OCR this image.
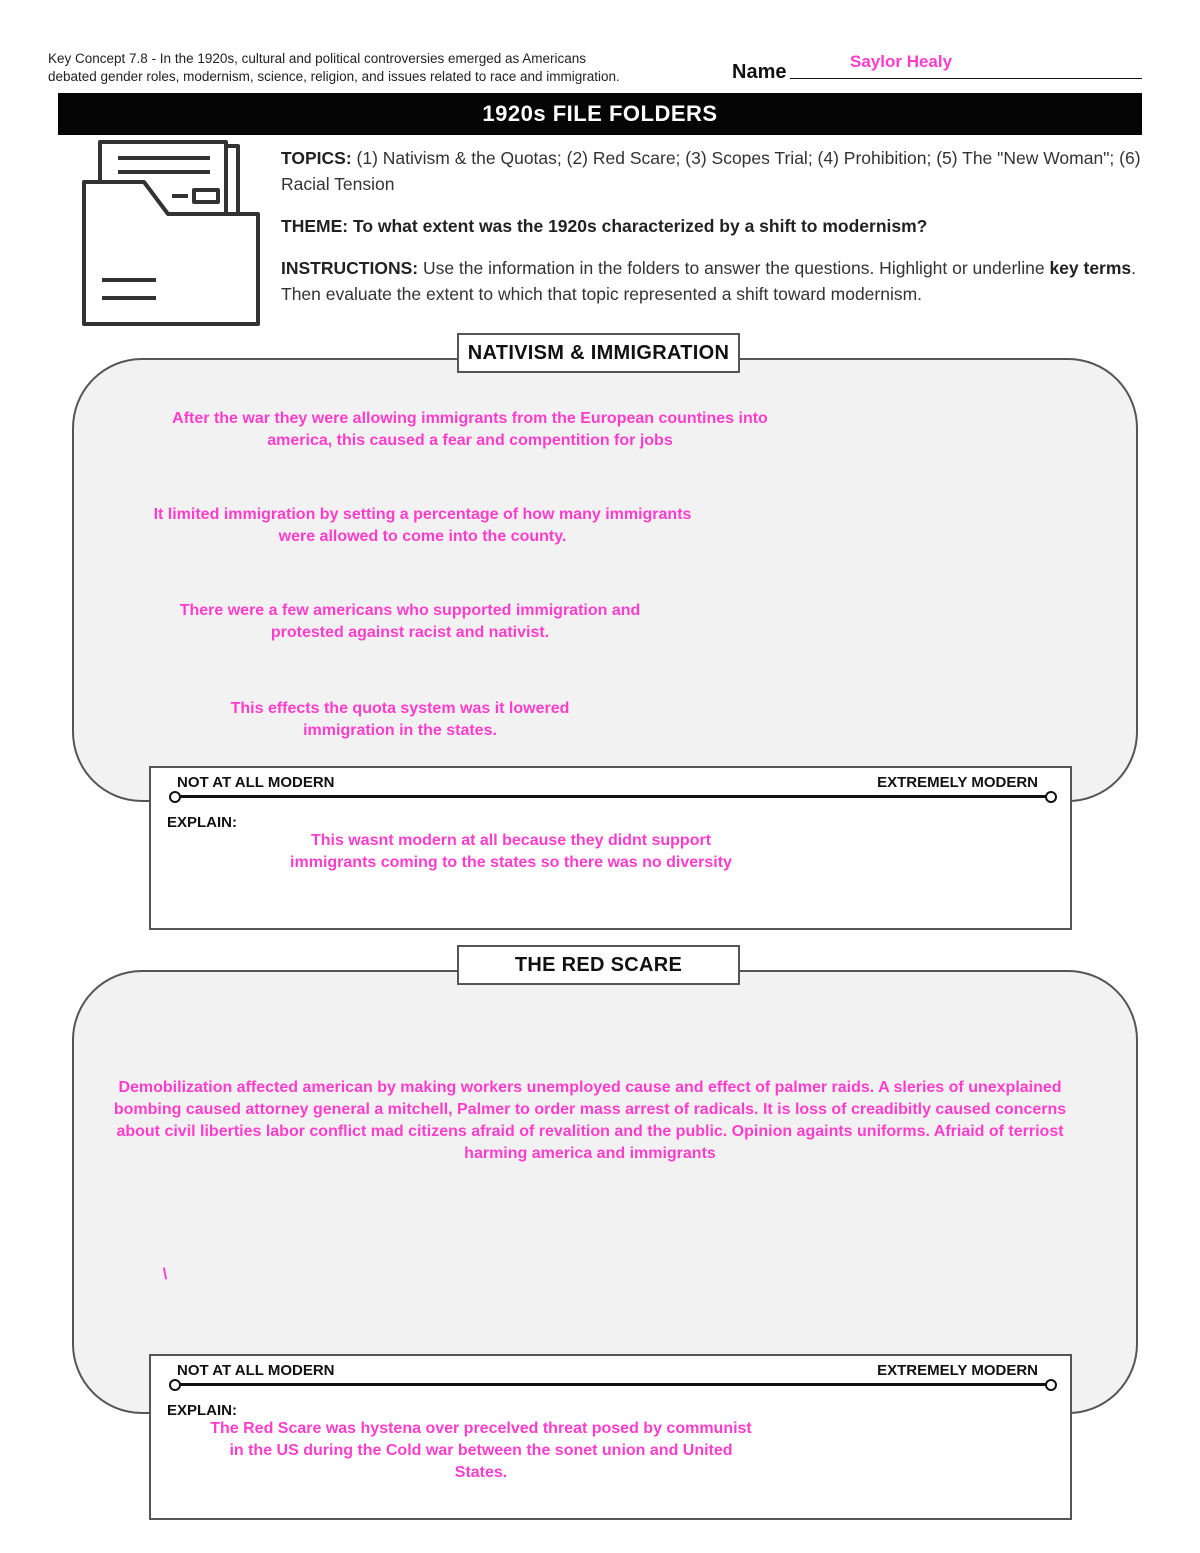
Key Concept 7.8 - In the 1920s, cultural and political controversies emerged as Americans
debated gender roles, modernism, science, religion, and issues related to race and immigration.	Name	Saylor Healy
1920s FILE FOLDERS

TOPICS: (1) Nativism & the Quotas; (2) Red Scare; (3) Scopes Trial; (4) Prohibition; (5) The "New Woman"; (6) Racial Tension

THEME: To what extent was the 1920s characterized by a shift to modernism?

INSTRUCTIONS: Use the information in the folders to answer the questions. Highlight or underline key terms. Then evaluate the extent to which that topic represented a shift toward modernism.

NATIVISM & IMMIGRATION
After the war they were allowing immigrants from the European countines into america, this caused a fear and compentition for jobs
It limited immigration by setting a percentage of how many immigrants were allowed to come into the county.
There were a few americans who supported immigration and protested against racist and nativist.
This effects the quota system was it lowered immigration in the states.
NOT AT ALL MODERN	EXTREMELY MODERN
EXPLAIN:
This wasnt modern at all because they didnt support immigrants coming to the states so there was no diversity
THE RED SCARE
Demobilization affected american by making workers unemployed cause and effect of palmer raids. A sleries of unexplained bombing caused attorney general a mitchell, Palmer to order mass arrest of radicals. It is loss of creadibitly caused concerns about civil liberties labor conflict mad citizens afraid of revalition and the public. Opinion againts uniforms. Afriaid of terriost harming america and immigrants
\
NOT AT ALL MODERN	EXTREMELY MODERN
EXPLAIN:
The Red Scare was hystena over precelved threat posed by communist in the US during the Cold war between the sonet union and United States.
